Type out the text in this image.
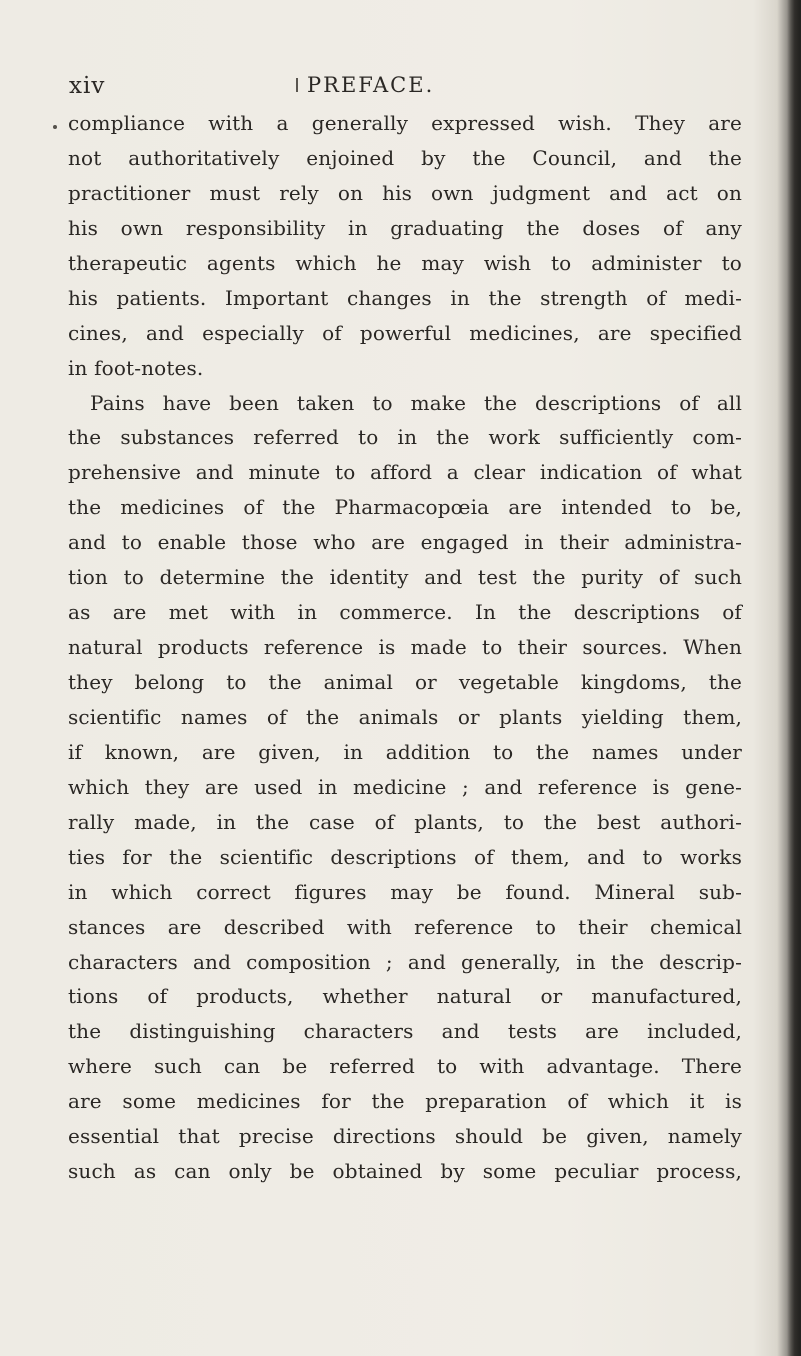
xiv	PREFACE.
compliance with a generally expressed wish. They are
not authoritatively enjoined by the Council, and the
practitioner must rely on his own judgment and act on
his own responsibility in graduating the doses of any
therapeutic agents which he may wish to administer to
his patients. Important changes in the strength of medi-
cines, and especially of powerful medicines, are specified
in foot-notes.
Pains have been taken to make the descriptions of all
the substances referred to in the work sufficiently com-
prehensive and minute to afford a clear indication of what
the medicines of the Pharmacopœia are intended to be,
and to enable those who are engaged in their administra-
tion to determine the identity and test the purity of such
as are met with in commerce. In the descriptions of
natural products reference is made to their sources. When
they belong to the animal or vegetable kingdoms, the
scientific names of the animals or plants yielding them,
if known, are given, in addition to the names under
which they are used in medicine ; and reference is gene-
rally made, in the case of plants, to the best authori-
ties for the scientific descriptions of them, and to works
in which correct figures may be found. Mineral sub-
stances are described with reference to their chemical
characters and composition ; and generally, in the descrip-
tions of products, whether natural or manufactured,
the distinguishing characters and tests are included,
where such can be referred to with advantage. There
are some medicines for the preparation of which it is
essential that precise directions should be given, namely
such as can only be obtained by some peculiar process,
